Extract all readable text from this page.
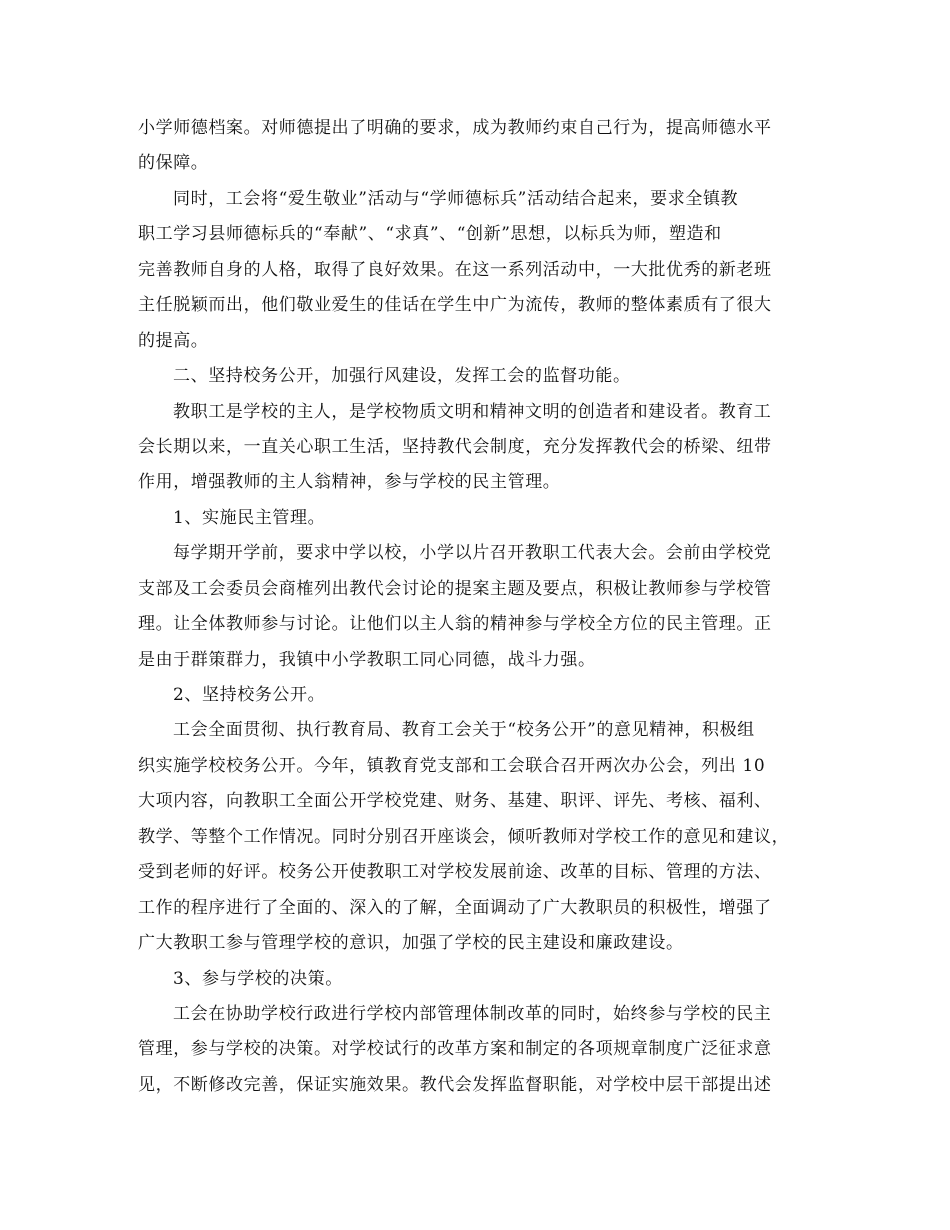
小学师德档案。对师德提出了明确的要求，成为教师约束自己行为，提高师德水平
的保障。
同时，工会将“爱生敬业”活动与“学师德标兵”活动结合起来，要求全镇教
职工学习县师德标兵的“奉献”、“求真”、“创新”思想，以标兵为师，塑造和
完善教师自身的人格，取得了良好效果。在这一系列活动中，一大批优秀的新老班
主任脱颖而出，他们敬业爱生的佳话在学生中广为流传，教师的整体素质有了很大
的提高。
二、坚持校务公开，加强行风建设，发挥工会的监督功能。
教职工是学校的主人，是学校物质文明和精神文明的创造者和建设者。教育工
会长期以来，一直关心职工生活，坚持教代会制度，充分发挥教代会的桥梁、纽带
作用，增强教师的主人翁精神，参与学校的民主管理。
1、实施民主管理。
每学期开学前，要求中学以校，小学以片召开教职工代表大会。会前由学校党
支部及工会委员会商榷列出教代会讨论的提案主题及要点，积极让教师参与学校管
理。让全体教师参与讨论。让他们以主人翁的精神参与学校全方位的民主管理。正
是由于群策群力，我镇中小学教职工同心同德，战斗力强。
2、坚持校务公开。
工会全面贯彻、执行教育局、教育工会关于“校务公开”的意见精神，积极组
织实施学校校务公开。今年，镇教育党支部和工会联合召开两次办公会，列出 10
大项内容，向教职工全面公开学校党建、财务、基建、职评、评先、考核、福利、
教学、等整个工作情况。同时分别召开座谈会，倾听教师对学校工作的意见和建议，
受到老师的好评。校务公开使教职工对学校发展前途、改革的目标、管理的方法、
工作的程序进行了全面的、深入的了解，全面调动了广大教职员的积极性，增强了
广大教职工参与管理学校的意识，加强了学校的民主建设和廉政建设。
3、参与学校的决策。
工会在协助学校行政进行学校内部管理体制改革的同时，始终参与学校的民主
管理，参与学校的决策。对学校试行的改革方案和制定的各项规章制度广泛征求意
见，不断修改完善，保证实施效果。教代会发挥监督职能，对学校中层干部提出述
